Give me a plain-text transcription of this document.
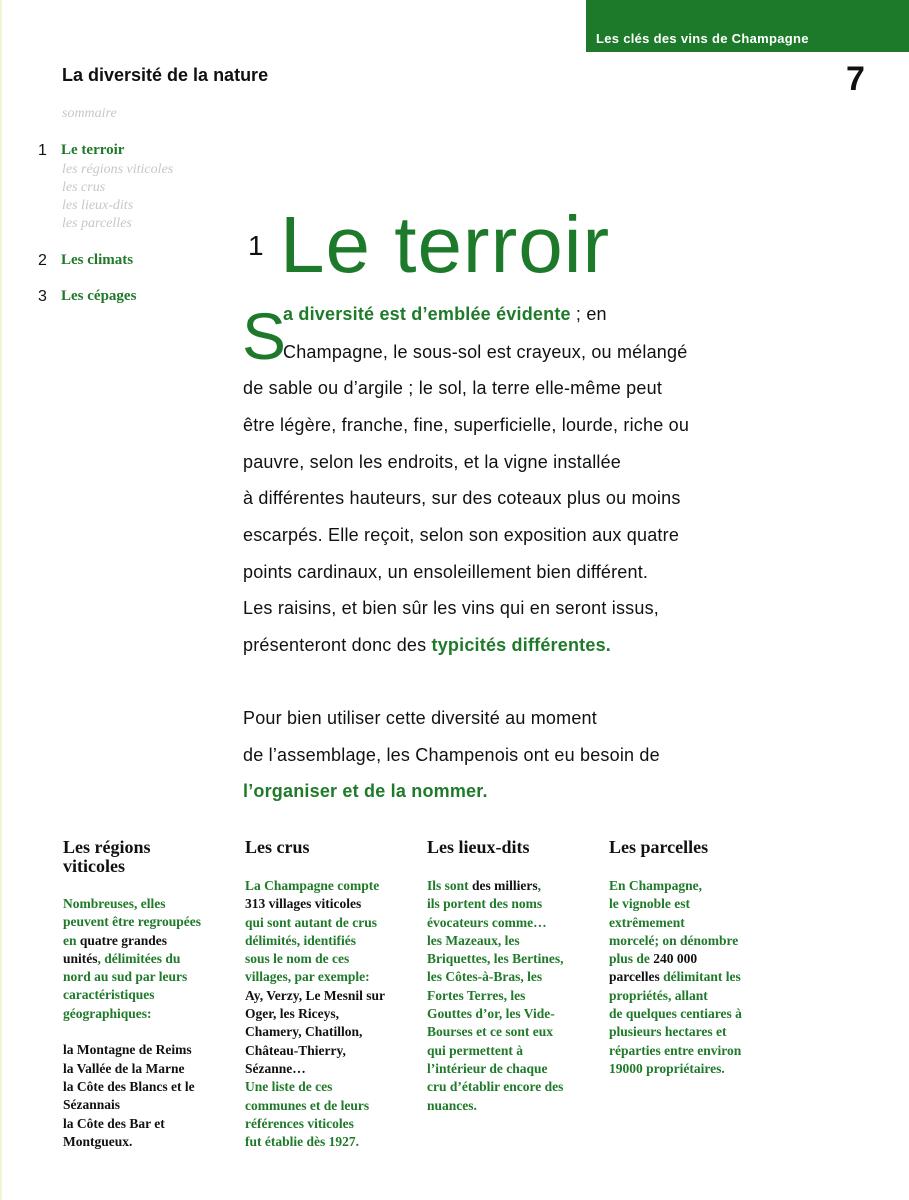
Les clés des vins de Champagne
7
La diversité de la nature
sommaire
1 Le terroir
les régions viticoles
les crus
les lieux-dits
les parcelles
2 Les climats
3 Les cépages
1 Le terroir
S
a diversité est d’emblée évidente ; en
Champagne, le sous-sol est crayeux, ou mélangé
de sable ou d’argile ; le sol, la terre elle-même peut
être légère, franche, fine, superficielle, lourde, riche ou
pauvre, selon les endroits, et la vigne installée
à différentes hauteurs, sur des coteaux plus ou moins
escarpés. Elle reçoit, selon son exposition aux quatre
points cardinaux, un ensoleillement bien différent.
Les raisins, et bien sûr les vins qui en seront issus,
présenteront donc des typicités différentes.
Pour bien utiliser cette diversité au moment
de l’assemblage, les Champenois ont eu besoin de
l’organiser et de la nommer.
Les régions
viticoles
Les crus	Les lieux-dits	Les parcelles
Nombreuses, elles
peuvent être regroupées
en quatre grandes
unités, délimitées du
nord au sud par leurs
caractéristiques
géographiques:
la Montagne de Reims
la Vallée de la Marne
la Côte des Blancs et le
Sézannais
la Côte des Bar et
Montgueux.
La Champagne compte
313 villages viticoles
qui sont autant de crus
délimités, identifiés
sous le nom de ces
villages, par exemple:
Ay, Verzy, Le Mesnil sur
Oger, les Riceys,
Chamery, Chatillon,
Château-Thierry,
Sézanne…
Une liste de ces
communes et de leurs
références viticoles
fut établie dès 1927.
Ils sont des milliers,
ils portent des noms
évocateurs comme…
les Mazeaux, les
Briquettes, les Bertines,
les Côtes-à-Bras, les
Fortes Terres, les
Gouttes d’or, les Vide-
Bourses et ce sont eux
qui permettent à
l’intérieur de chaque
cru d’établir encore des
nuances.
En Champagne,
le vignoble est
extrêmement
morcelé; on dénombre
plus de 240 000
parcelles délimitant les
propriétés, allant
de quelques centiares à
plusieurs hectares et
réparties entre environ
19000 propriétaires.
